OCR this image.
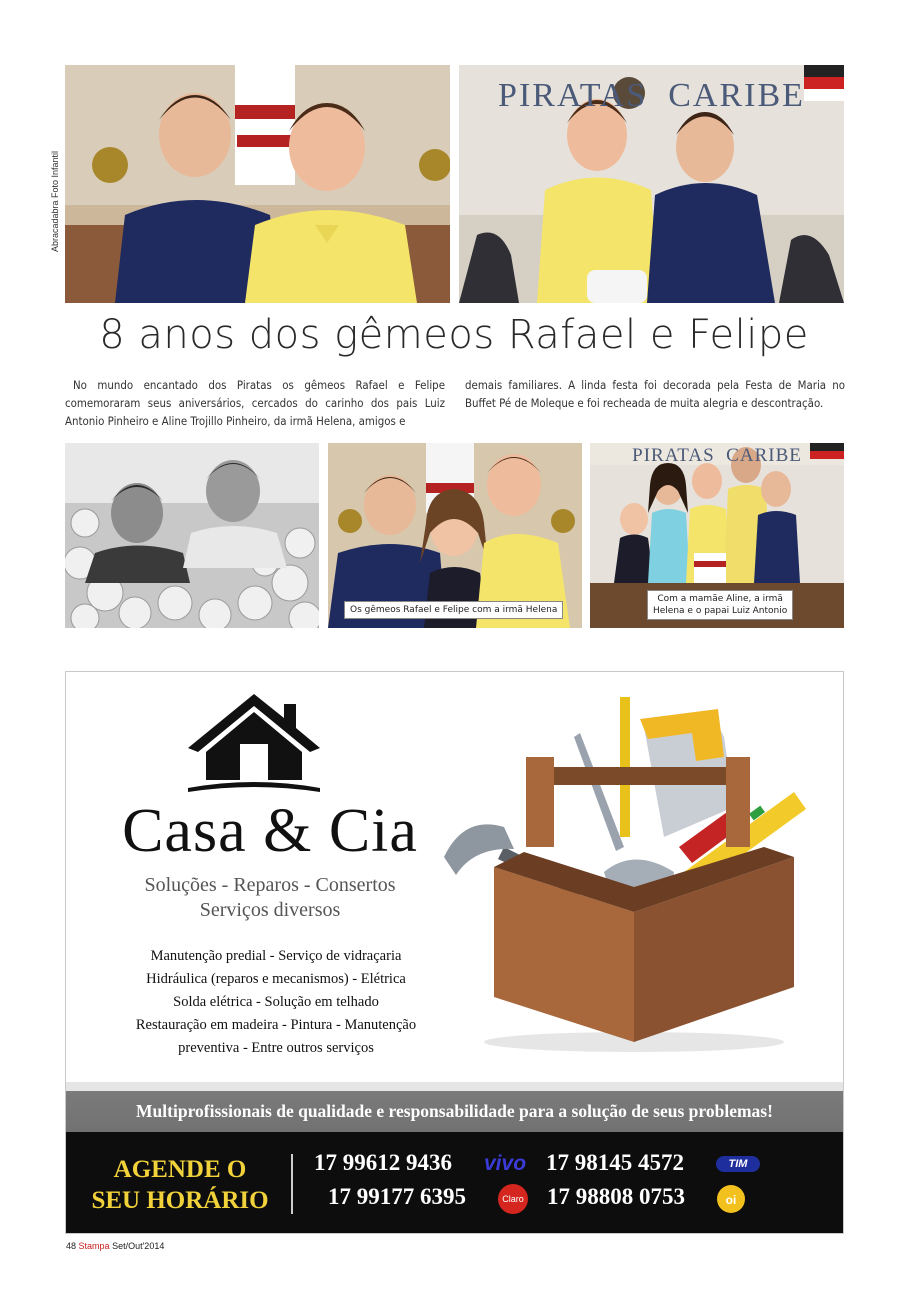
Abracadabra Foto Infantil
PIRATAS  CARIBE
8 anos dos gêmeos Rafael e Felipe
No mundo encantado dos Piratas os gêmeos Rafael e Felipe comemoraram seus aniversários, cercados do carinho dos pais Luiz Antonio Pinheiro e Aline Trojillo Pinheiro, da irmã Helena, amigos e
demais familiares. A linda festa foi decorada pela Festa de Maria no Buffet Pé de Moleque e foi recheada de muita alegria e descontração.
Os gêmeos Rafael e Felipe com a irmã Helena
PIRATAS  CARIBE
Com a mamãe Aline, a irmã
Helena e o papai Luiz Antonio
Casa & Cia
Soluções - Reparos - Consertos
Serviços diversos
Manutenção predial - Serviço de vidraçaria
Hidráulica (reparos e mecanismos) - Elétrica
Solda elétrica - Solução em telhado
Restauração em madeira - Pintura - Manutenção
preventiva - Entre outros serviços
Multiprofissionais de qualidade e responsabilidade para a solução de seus problemas!
AGENDE O
SEU HORÁRIO
17 99612 9436 vivo 17 98145 4572	TIM
17 99177 6395	Claro 17 98808 0753	oi
48 Stampa Set/Out'2014
